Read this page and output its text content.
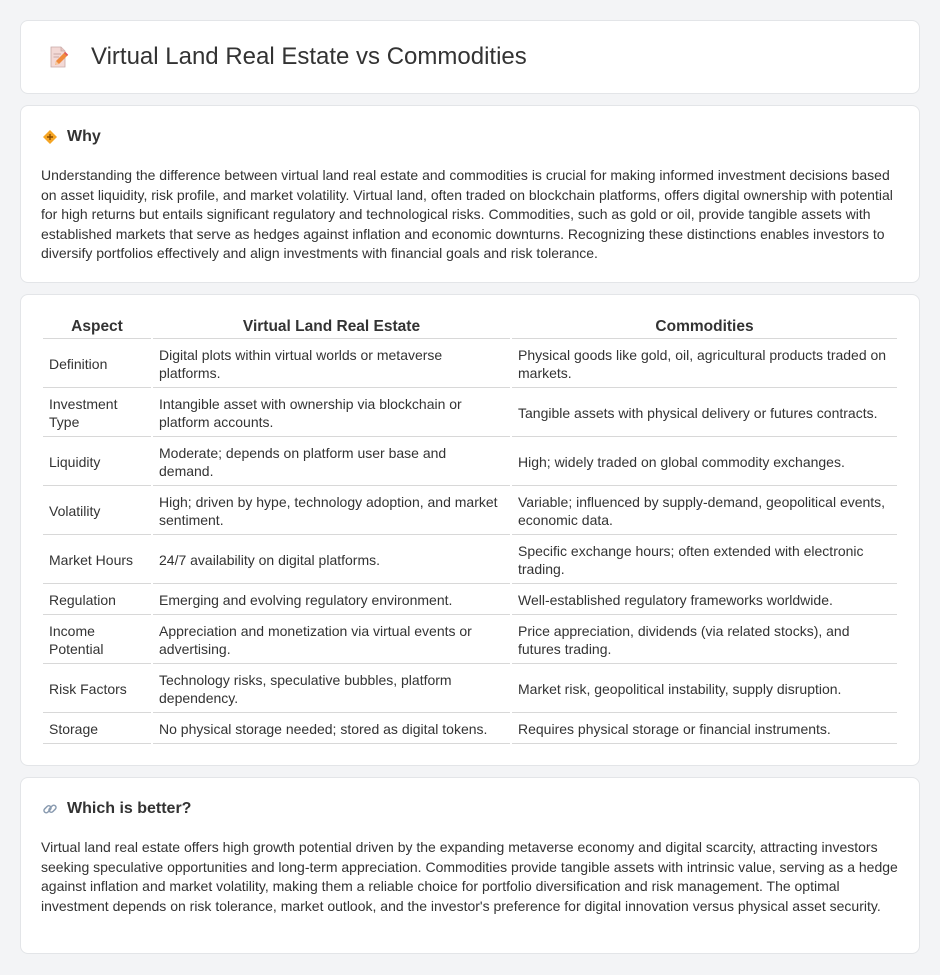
Virtual Land Real Estate vs Commodities
Why

Understanding the difference between virtual land real estate and commodities is crucial for making informed investment decisions based on asset liquidity, risk profile, and market volatility. Virtual land, often traded on blockchain platforms, offers digital ownership with potential for high returns but entails significant regulatory and technological risks. Commodities, such as gold or oil, provide tangible assets with established markets that serve as hedges against inflation and economic downturns. Recognizing these distinctions enables investors to diversify portfolios effectively and align investments with financial goals and risk tolerance.

Aspect	Virtual Land Real Estate	Commodities
Definition	Digital plots within virtual worlds or metaverse platforms.	Physical goods like gold, oil, agricultural products traded on markets.
Investment Type	Intangible asset with ownership via blockchain or platform accounts.	Tangible assets with physical delivery or futures contracts.
Liquidity	Moderate; depends on platform user base and demand.	High; widely traded on global commodity exchanges.
Volatility	High; driven by hype, technology adoption, and market sentiment.	Variable; influenced by supply-demand, geopolitical events, economic data.
Market Hours	24/7 availability on digital platforms.	Specific exchange hours; often extended with electronic trading.
Regulation	Emerging and evolving regulatory environment.	Well-established regulatory frameworks worldwide.
Income Potential	Appreciation and monetization via virtual events or advertising.	Price appreciation, dividends (via related stocks), and futures trading.
Risk Factors	Technology risks, speculative bubbles, platform dependency.	Market risk, geopolitical instability, supply disruption.
Storage	No physical storage needed; stored as digital tokens.	Requires physical storage or financial instruments.
Which is better?

Virtual land real estate offers high growth potential driven by the expanding metaverse economy and digital scarcity, attracting investors seeking speculative opportunities and long-term appreciation. Commodities provide tangible assets with intrinsic value, serving as a hedge against inflation and market volatility, making them a reliable choice for portfolio diversification and risk management. The optimal investment depends on risk tolerance, market outlook, and the investor's preference for digital innovation versus physical asset security.
